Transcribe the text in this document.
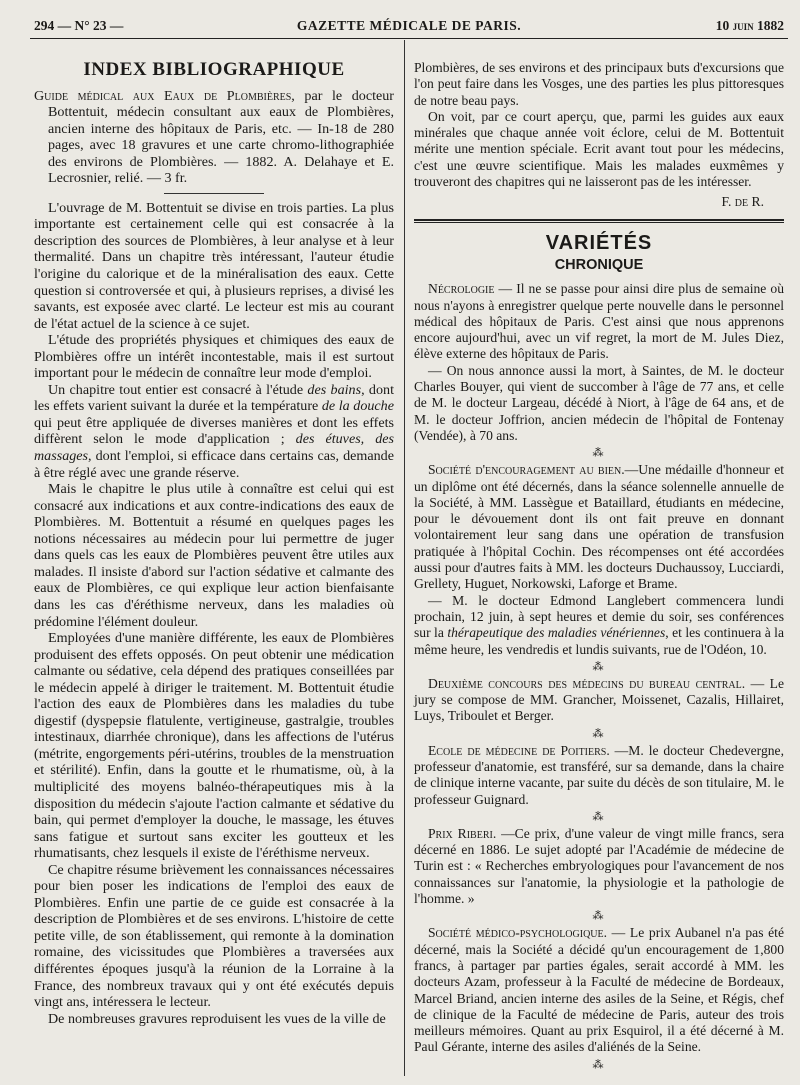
294 — N° 23 —	GAZETTE MÉDICALE DE PARIS.	10 juin 1882
INDEX BIBLIOGRAPHIQUE

Guide médical aux Eaux de Plombières, par le docteur Bottentuit, médecin consultant aux eaux de Plombières, ancien interne des hôpitaux de Paris, etc. — In-18 de 280 pages, avec 18 gravures et une carte chromo-lithographiée des environs de Plombières. — 1882. A. Delahaye et E. Lecrosnier, relié. — 3 fr.

L'ouvrage de M. Bottentuit se divise en trois parties. La plus importante est certainement celle qui est consacrée à la description des sources de Plombières, à leur analyse et à leur thermalité. Dans un chapitre très intéressant, l'auteur étudie l'origine du calorique et de la minéralisation des eaux. Cette question si controversée et qui, à plusieurs reprises, a divisé les savants, est exposée avec clarté. Le lecteur est mis au courant de l'état actuel de la science à ce sujet.

L'étude des propriétés physiques et chimiques des eaux de Plombières offre un intérêt incontestable, mais il est surtout important pour le médecin de connaître leur mode d'emploi.

Un chapitre tout entier est consacré à l'étude des bains, dont les effets varient suivant la durée et la température de la douche qui peut être appliquée de diverses manières et dont les effets diffèrent selon le mode d'application ; des étuves, des massages, dont l'emploi, si efficace dans certains cas, demande à être réglé avec une grande réserve.

Mais le chapitre le plus utile à connaître est celui qui est consacré aux indications et aux contre-indications des eaux de Plombières. M. Bottentuit a résumé en quelques pages les notions nécessaires au médecin pour lui permettre de juger dans quels cas les eaux de Plombières peuvent être utiles aux malades. Il insiste d'abord sur l'action sédative et calmante des eaux de Plombières, ce qui explique leur action bienfaisante dans les cas d'éréthisme nerveux, dans les maladies où prédomine l'élément douleur.

Employées d'une manière différente, les eaux de Plombières produisent des effets opposés. On peut obtenir une médication calmante ou sédative, cela dépend des pratiques conseillées par le médecin appelé à diriger le traitement. M. Bottentuit étudie l'action des eaux de Plombières dans les maladies du tube digestif (dyspepsie flatulente, vertigineuse, gastralgie, troubles intestinaux, diarrhée chronique), dans les affections de l'utérus (métrite, engorgements péri-utérins, troubles de la menstruation et stérilité). Enfin, dans la goutte et le rhumatisme, où, à la multiplicité des moyens balnéo-thérapeutiques mis à la disposition du médecin s'ajoute l'action calmante et sédative du bain, qui permet d'employer la douche, le massage, les étuves sans fatigue et surtout sans exciter les goutteux et les rhumatisants, chez lesquels il existe de l'éréthisme nerveux.

Ce chapitre résume brièvement les connaissances nécessaires pour bien poser les indications de l'emploi des eaux de Plombières. Enfin une partie de ce guide est consacrée à la description de Plombières et de ses environs. L'histoire de cette petite ville, de son établissement, qui remonte à la domination romaine, des vicissitudes que Plombières a traversées aux différentes époques jusqu'à la réunion de la Lorraine à la France, des nombreux travaux qui y ont été exécutés depuis vingt ans, intéressera le lecteur.

De nombreuses gravures reproduisent les vues de la ville de

Plombières, de ses environs et des principaux buts d'excursions que l'on peut faire dans les Vosges, une des parties les plus pittoresques de notre beau pays.

On voit, par ce court aperçu, que, parmi les guides aux eaux minérales que chaque année voit éclore, celui de M. Bottentuit mérite une mention spéciale. Ecrit avant tout pour les médecins, c'est une œuvre scientifique. Mais les malades euxmêmes y trouveront des chapitres qui ne laisseront pas de les intéresser.

F. de R.
VARIÉTÉS
CHRONIQUE

Nécrologie — Il ne se passe pour ainsi dire plus de semaine où nous n'ayons à enregistrer quelque perte nouvelle dans le personnel médical des hôpitaux de Paris. C'est ainsi que nous apprenons encore aujourd'hui, avec un vif regret, la mort de M. Jules Diez, élève externe des hôpitaux de Paris.

— On nous annonce aussi la mort, à Saintes, de M. le docteur Charles Bouyer, qui vient de succomber à l'âge de 77 ans, et celle de M. le docteur Largeau, décédé à Niort, à l'âge de 64 ans, et de M. le docteur Joffrion, ancien médecin de l'hôpital de Fontenay (Vendée), à 70 ans.

⁂

Société d'encouragement au bien.—Une médaille d'honneur et un diplôme ont été décernés, dans la séance solennelle annuelle de la Société, à MM. Lassègue et Bataillard, étudiants en médecine, pour le dévouement dont ils ont fait preuve en donnant volontairement leur sang dans une opération de transfusion pratiquée à l'hôpital Cochin. Des récompenses ont été accordées aussi pour d'autres faits à MM. les docteurs Duchaussoy, Lucciardi, Grellety, Huguet, Norkowski, Laforge et Brame.

— M. le docteur Edmond Langlebert commencera lundi prochain, 12 juin, à sept heures et demie du soir, ses conférences sur la thérapeutique des maladies vénériennes, et les continuera à la même heure, les vendredis et lundis suivants, rue de l'Odéon, 10.

⁂

Deuxième concours des médecins du bureau central. — Le jury se compose de MM. Grancher, Moissenet, Cazalis, Hillairet, Luys, Triboulet et Berger.

⁂

Ecole de médecine de Poitiers. —M. le docteur Chedevergne, professeur d'anatomie, est transféré, sur sa demande, dans la chaire de clinique interne vacante, par suite du décès de son titulaire, M. le professeur Guignard.

⁂

Prix Riberi. —Ce prix, d'une valeur de vingt mille francs, sera décerné en 1886. Le sujet adopté par l'Académie de médecine de Turin est : « Recherches embryologiques pour l'avancement de nos connaissances sur l'anatomie, la physiologie et la pathologie de l'homme. »

⁂

Société médico-psychologique. — Le prix Aubanel n'a pas été décerné, mais la Société a décidé qu'un encouragement de 1,800 francs, à partager par parties égales, serait accordé à MM. les docteurs Azam, professeur à la Faculté de médecine de Bordeaux, Marcel Briand, ancien interne des asiles de la Seine, et Régis, chef de clinique de la Faculté de médecine de Paris, auteur des trois meilleurs mémoires. Quant au prix Esquirol, il a été décerné à M. Paul Gérante, interne des asiles d'aliénés de la Seine.

⁂
